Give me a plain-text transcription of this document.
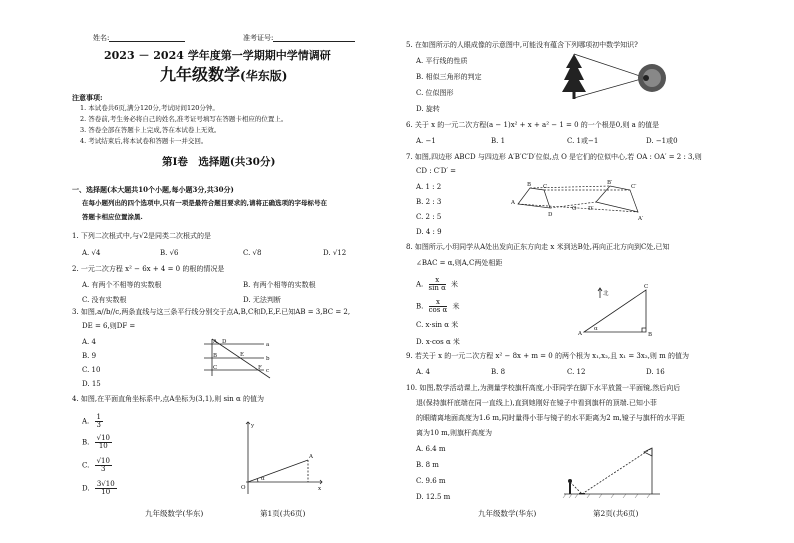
姓名:	准考证号:
2023 － 2024 学年度第一学期期中学情调研
九年级数学(华东版)
注意事项:
1. 本试卷共6页,满分120分,考试时间120分钟。
2. 答卷前,考生务必将自己的姓名,准考证号填写在答题卡相应的位置上。
3. 答卷全部在答题卡上完成,答在本试卷上无效。
4. 考试结束后,将本试卷和答题卡一并交回。
第Ⅰ卷　选择题(共30分)
一、选择题(本大题共10个小题,每小题3分,共30分)
在每小题列出的四个选项中,只有一项是最符合题目要求的,请将正确选项的字母标号在
答题卡相应位置涂黑.
1. 下列二次根式中,与√2是同类二次根式的是
A. √4	B. √6	C. √8	D. √12
2. 一元二次方程 x² − 6x + 4 = 0 的根的情况是
A. 有两个不相等的实数根	B. 有两个相等的实数根
C. 没有实数根	D. 无法判断
3. 如图,a//b//c,两条直线与这三条平行线分别交于点A,B,C和D,E,F.已知AB = 3,BC = 2,
DE = 6,则DF =
A. 4
B. 9
C. 10
D. 15
A
B
C
D
E
F
a
b
c
4. 如图,在平面直角坐标系中,点A坐标为(3,1),则 sin α 的值为
A. $\frac{1}{3}$
B. $\frac{√10}{10}$
C. $\frac{√10}{3}$
D. $\frac{3√10}{10}$
y
x
O
A
α
九年级数学(华东)	第1页(共6页)
5. 在如图所示的人眼成像的示意图中,可能没有蕴含下列哪项初中数学知识?
A. 平行线的性质
B. 相似三角形的判定
C. 位似图形
D. 旋转
6. 关于 x 的一元二次方程(a − 1)x² + x + a² − 1 = 0 的一个根是0,则 a 的值是
A. −1	B. 1	C. 1或−1	D. −1或0
7. 如图,四边形 ABCD 与四边形 A′B′C′D′位似,点 O 是它们的位似中心,若 OA : OA′ = 2 : 3,则
CD : C′D′ =
A. 1 : 2
B. 2 : 3
C. 2 : 5
D. 4 : 9
A
B C
D
O
A′
B′
C′
D′
8. 如图所示,小玥同学从A处出发向正东方向走 x 米到达B处,再向正北方向到C处,已知
∠BAC = α,则A,C两处相距
A. $\frac{x}{\text{sin α}}$ 米
B. $\frac{x}{\text{cos α}}$ 米
C. x·sin α 米
D. x·cos α 米
北
A	B
C
α
9. 若关于 x 的一元二次方程 x² − 8x + m = 0 的两个根为 x₁,x₂,且 x₁ = 3x₂,则 m 的值为
A. 4	B. 8	C. 12	D. 16
10. 如图,数学活动课上,为测量学校旗杆高度,小菲同学在脚下水平放置一平面镜,然后向后
退(保持旗杆底端在同一直线上),直到她刚好在镜子中看到旗杆的顶端.已知小菲
的眼睛离地面高度为1.6 m,同时量得小菲与镜子的水平距离为2 m,镜子与旗杆的水平距
离为10 m,则旗杆高度为
A. 6.4 m
B. 8 m
C. 9.6 m
D. 12.5 m
九年级数学(华东)	第2页(共6页)
